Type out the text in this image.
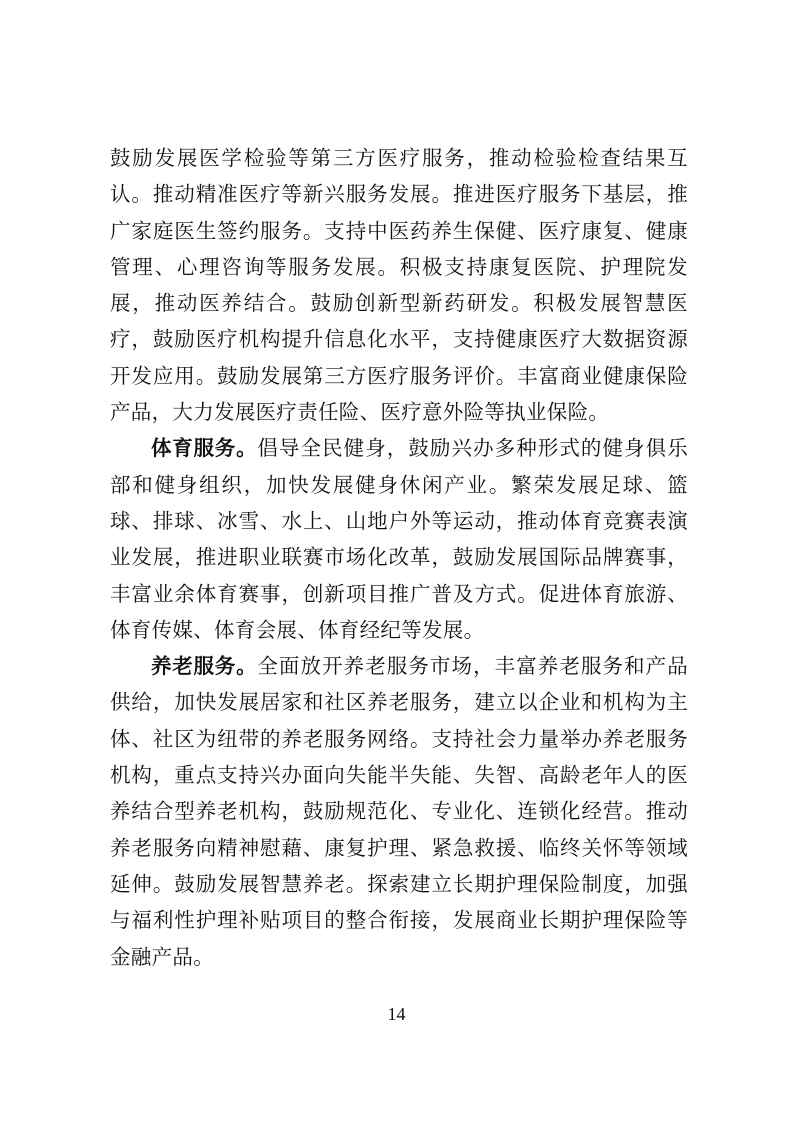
鼓励发展医学检验等第三方医疗服务，推动检验检查结果互认。推动精准医疗等新兴服务发展。推进医疗服务下基层，推广家庭医生签约服务。支持中医药养生保健、医疗康复、健康管理、心理咨询等服务发展。积极支持康复医院、护理院发展，推动医养结合。鼓励创新型新药研发。积极发展智慧医疗，鼓励医疗机构提升信息化水平，支持健康医疗大数据资源开发应用。鼓励发展第三方医疗服务评价。丰富商业健康保险产品，大力发展医疗责任险、医疗意外险等执业保险。

体育服务。倡导全民健身，鼓励兴办多种形式的健身俱乐部和健身组织，加快发展健身休闲产业。繁荣发展足球、篮球、排球、冰雪、水上、山地户外等运动，推动体育竞赛表演业发展，推进职业联赛市场化改革，鼓励发展国际品牌赛事，丰富业余体育赛事，创新项目推广普及方式。促进体育旅游、体育传媒、体育会展、体育经纪等发展。

养老服务。全面放开养老服务市场，丰富养老服务和产品供给，加快发展居家和社区养老服务，建立以企业和机构为主体、社区为纽带的养老服务网络。支持社会力量举办养老服务机构，重点支持兴办面向失能半失能、失智、高龄老年人的医养结合型养老机构，鼓励规范化、专业化、连锁化经营。推动养老服务向精神慰藉、康复护理、紧急救援、临终关怀等领域延伸。鼓励发展智慧养老。探索建立长期护理保险制度，加强与福利性护理补贴项目的整合衔接，发展商业长期护理保险等金融产品。

14
